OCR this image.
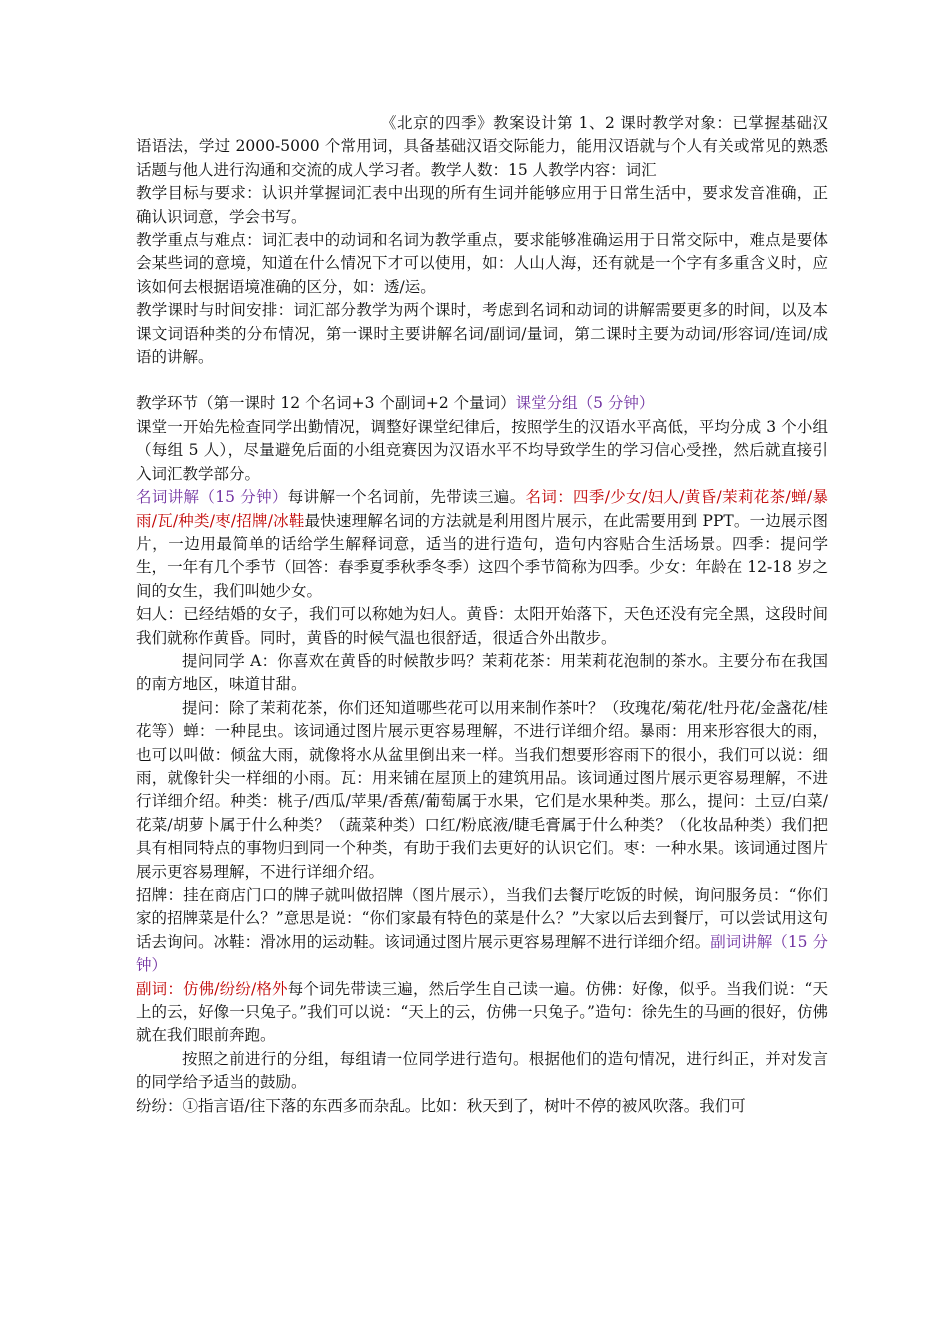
《北京的四季》教案设计第 1、2 课时教学对象：已掌握基础汉语语法，学过 2000-5000 个常用词，具备基础汉语交际能力，能用汉语就与个人有关或常见的熟悉话题与他人进行沟通和交流的成人学习者。教学人数：15 人教学内容：词汇

教学目标与要求：认识并掌握词汇表中出现的所有生词并能够应用于日常生活中，要求发音准确，正确认识词意，学会书写。

教学重点与难点：词汇表中的动词和名词为教学重点，要求能够准确运用于日常交际中，难点是要体会某些词的意境，知道在什么情况下才可以使用，如：人山人海，还有就是一个字有多重含义时，应该如何去根据语境准确的区分，如：透/运。

教学课时与时间安排：词汇部分教学为两个课时，考虑到名词和动词的讲解需要更多的时间，以及本课文词语种类的分布情况，第一课时主要讲解名词/副词/量词，第二课时主要为动词/形容词/连词/成语的讲解。

教学环节（第一课时 12 个名词+3 个副词+2 个量词）课堂分组（5 分钟）

课堂一开始先检查同学出勤情况，调整好课堂纪律后，按照学生的汉语水平高低，平均分成 3 个小组（每组 5 人），尽量避免后面的小组竞赛因为汉语水平不均导致学生的学习信心受挫，然后就直接引入词汇教学部分。

名词讲解（15 分钟）每讲解一个名词前，先带读三遍。名词：四季/少女/妇人/黄昏/茉莉花茶/蝉/暴雨/瓦/种类/枣/招牌/冰鞋最快速理解名词的方法就是利用图片展示，在此需要用到 PPT。一边展示图片，一边用最简单的话给学生解释词意，适当的进行造句，造句内容贴合生活场景。四季：提问学生，一年有几个季节（回答：春季夏季秋季冬季）这四个季节简称为四季。少女：年龄在 12-18 岁之间的女生，我们叫她少女。

妇人：已经结婚的女子，我们可以称她为妇人。黄昏：太阳开始落下，天色还没有完全黑，这段时间我们就称作黄昏。同时，黄昏的时候气温也很舒适，很适合外出散步。

提问同学 A：你喜欢在黄昏的时候散步吗？茉莉花茶：用茉莉花泡制的茶水。主要分布在我国的南方地区，味道甘甜。

提问：除了茉莉花茶，你们还知道哪些花可以用来制作茶叶？（玫瑰花/菊花/牡丹花/金盏花/桂花等）蝉：一种昆虫。该词通过图片展示更容易理解，不进行详细介绍。暴雨：用来形容很大的雨，也可以叫做：倾盆大雨，就像将水从盆里倒出来一样。当我们想要形容雨下的很小，我们可以说：细雨，就像针尖一样细的小雨。瓦：用来铺在屋顶上的建筑用品。该词通过图片展示更容易理解，不进行详细介绍。种类：桃子/西瓜/苹果/香蕉/葡萄属于水果，它们是水果种类。那么，提问：土豆/白菜/花菜/胡萝卜属于什么种类？（蔬菜种类）口红/粉底液/睫毛膏属于什么种类？（化妆品种类）我们把具有相同特点的事物归到同一个种类，有助于我们去更好的认识它们。枣：一种水果。该词通过图片展示更容易理解，不进行详细介绍。

招牌：挂在商店门口的牌子就叫做招牌（图片展示），当我们去餐厅吃饭的时候，询问服务员：“你们家的招牌菜是什么？”意思是说：“你们家最有特色的菜是什么？”大家以后去到餐厅，可以尝试用这句话去询问。冰鞋：滑冰用的运动鞋。该词通过图片展示更容易理解不进行详细介绍。副词讲解（15 分钟）

副词：仿佛/纷纷/格外每个词先带读三遍，然后学生自己读一遍。仿佛：好像，似乎。当我们说：“天上的云，好像一只兔子。”我们可以说：“天上的云，仿佛一只兔子。”造句：徐先生的马画的很好，仿佛就在我们眼前奔跑。

按照之前进行的分组，每组请一位同学进行造句。根据他们的造句情况，进行纠正，并对发言的同学给予适当的鼓励。

纷纷：①指言语/往下落的东西多而杂乱。比如：秋天到了，树叶不停的被风吹落。我们可
